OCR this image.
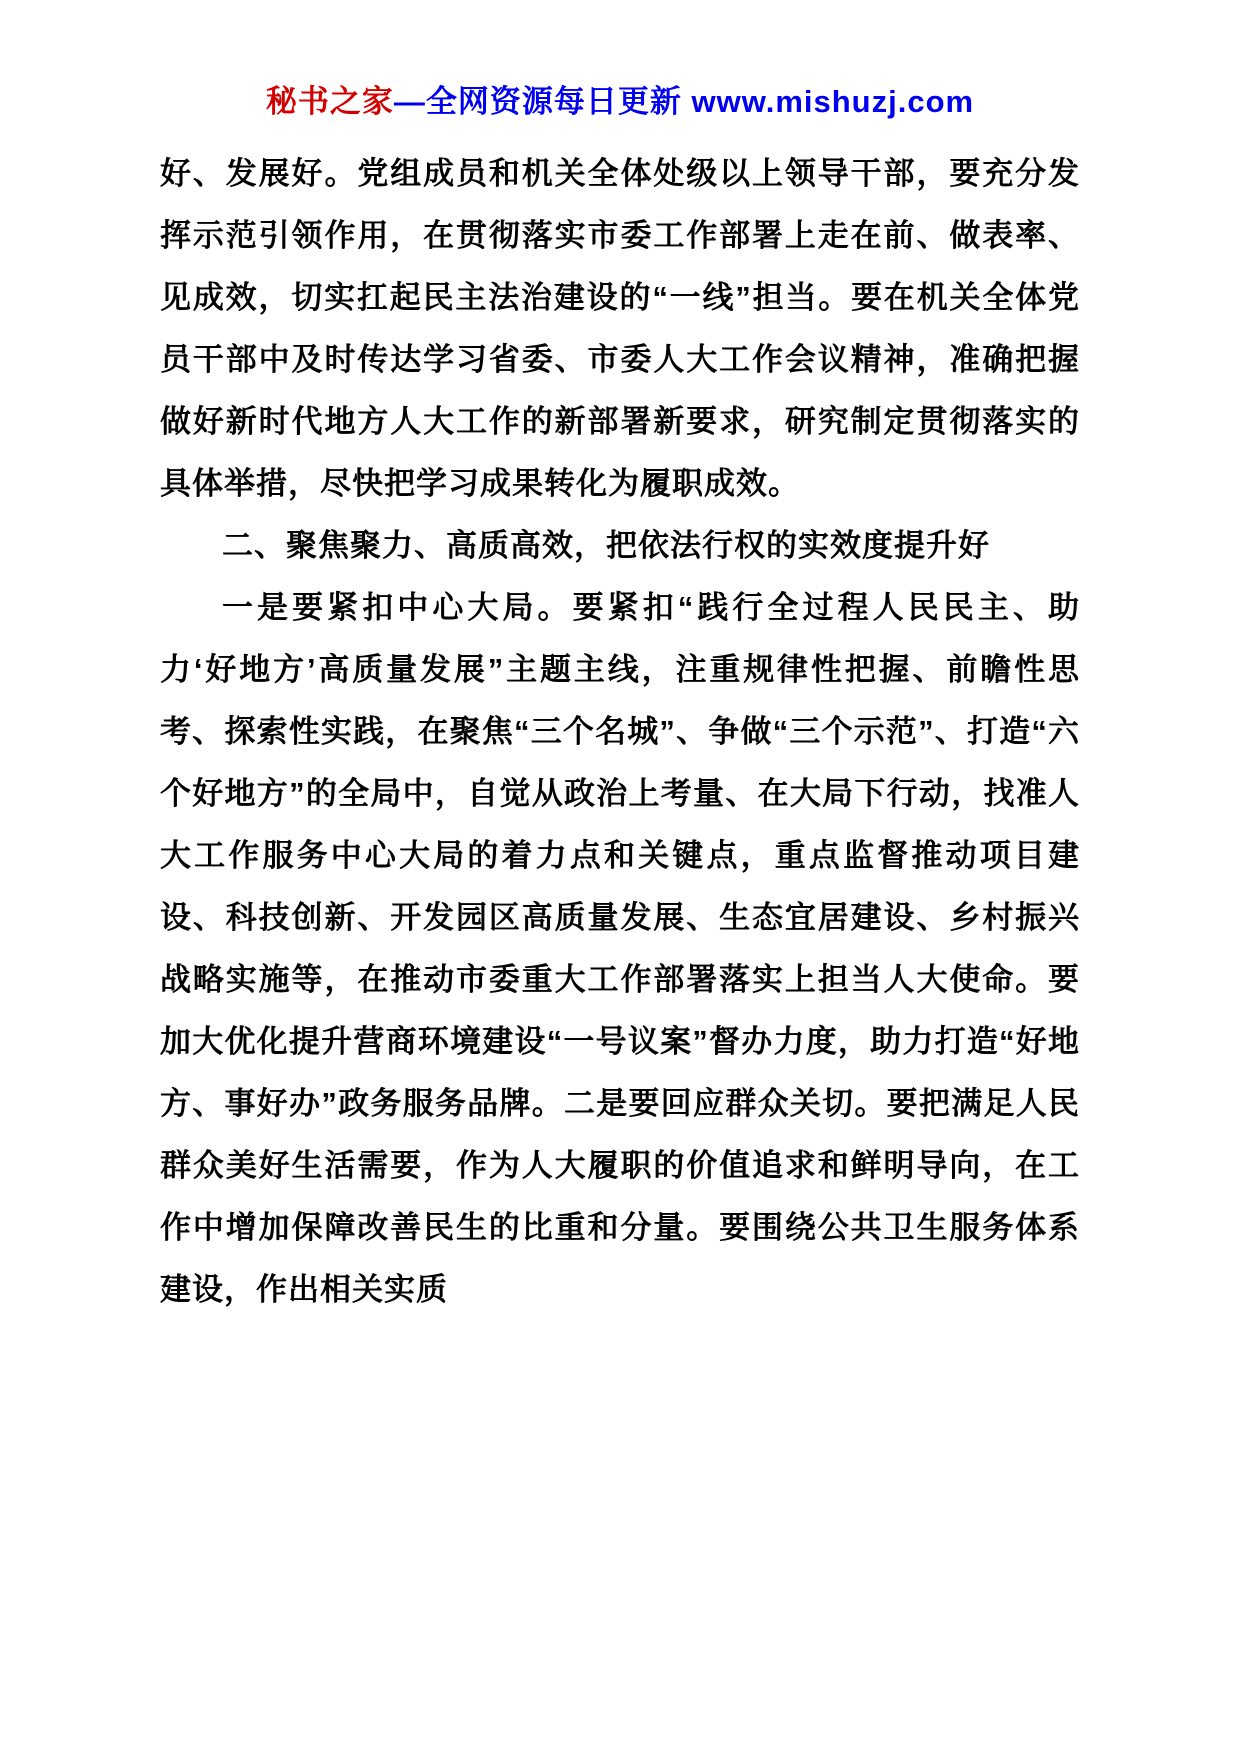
秘书之家—全网资源每日更新 www.mishuzj.com

好、发展好。党组成员和机关全体处级以上领导干部，要充分发挥示范引领作用，在贯彻落实市委工作部署上走在前、做表率、见成效，切实扛起民主法治建设的“一线”担当。要在机关全体党员干部中及时传达学习省委、市委人大工作会议精神，准确把握做好新时代地方人大工作的新部署新要求，研究制定贯彻落实的具体举措，尽快把学习成果转化为履职成效。

二、聚焦聚力、高质高效，把依法行权的实效度提升好

一是要紧扣中心大局。要紧扣“践行全过程人民民主、助力‘好地方’高质量发展”主题主线，注重规律性把握、前瞻性思考、探索性实践，在聚焦“三个名城”、争做“三个示范”、打造“六个好地方”的全局中，自觉从政治上考量、在大局下行动，找准人大工作服务中心大局的着力点和关键点，重点监督推动项目建设、科技创新、开发园区高质量发展、生态宜居建设、乡村振兴战略实施等，在推动市委重大工作部署落实上担当人大使命。要加大优化提升营商环境建设“一号议案”督办力度，助力打造“好地方、事好办”政务服务品牌。二是要回应群众关切。要把满足人民群众美好生活需要，作为人大履职的价值追求和鲜明导向，在工作中增加保障改善民生的比重和分量。要围绕公共卫生服务体系建设，作出相关实质
